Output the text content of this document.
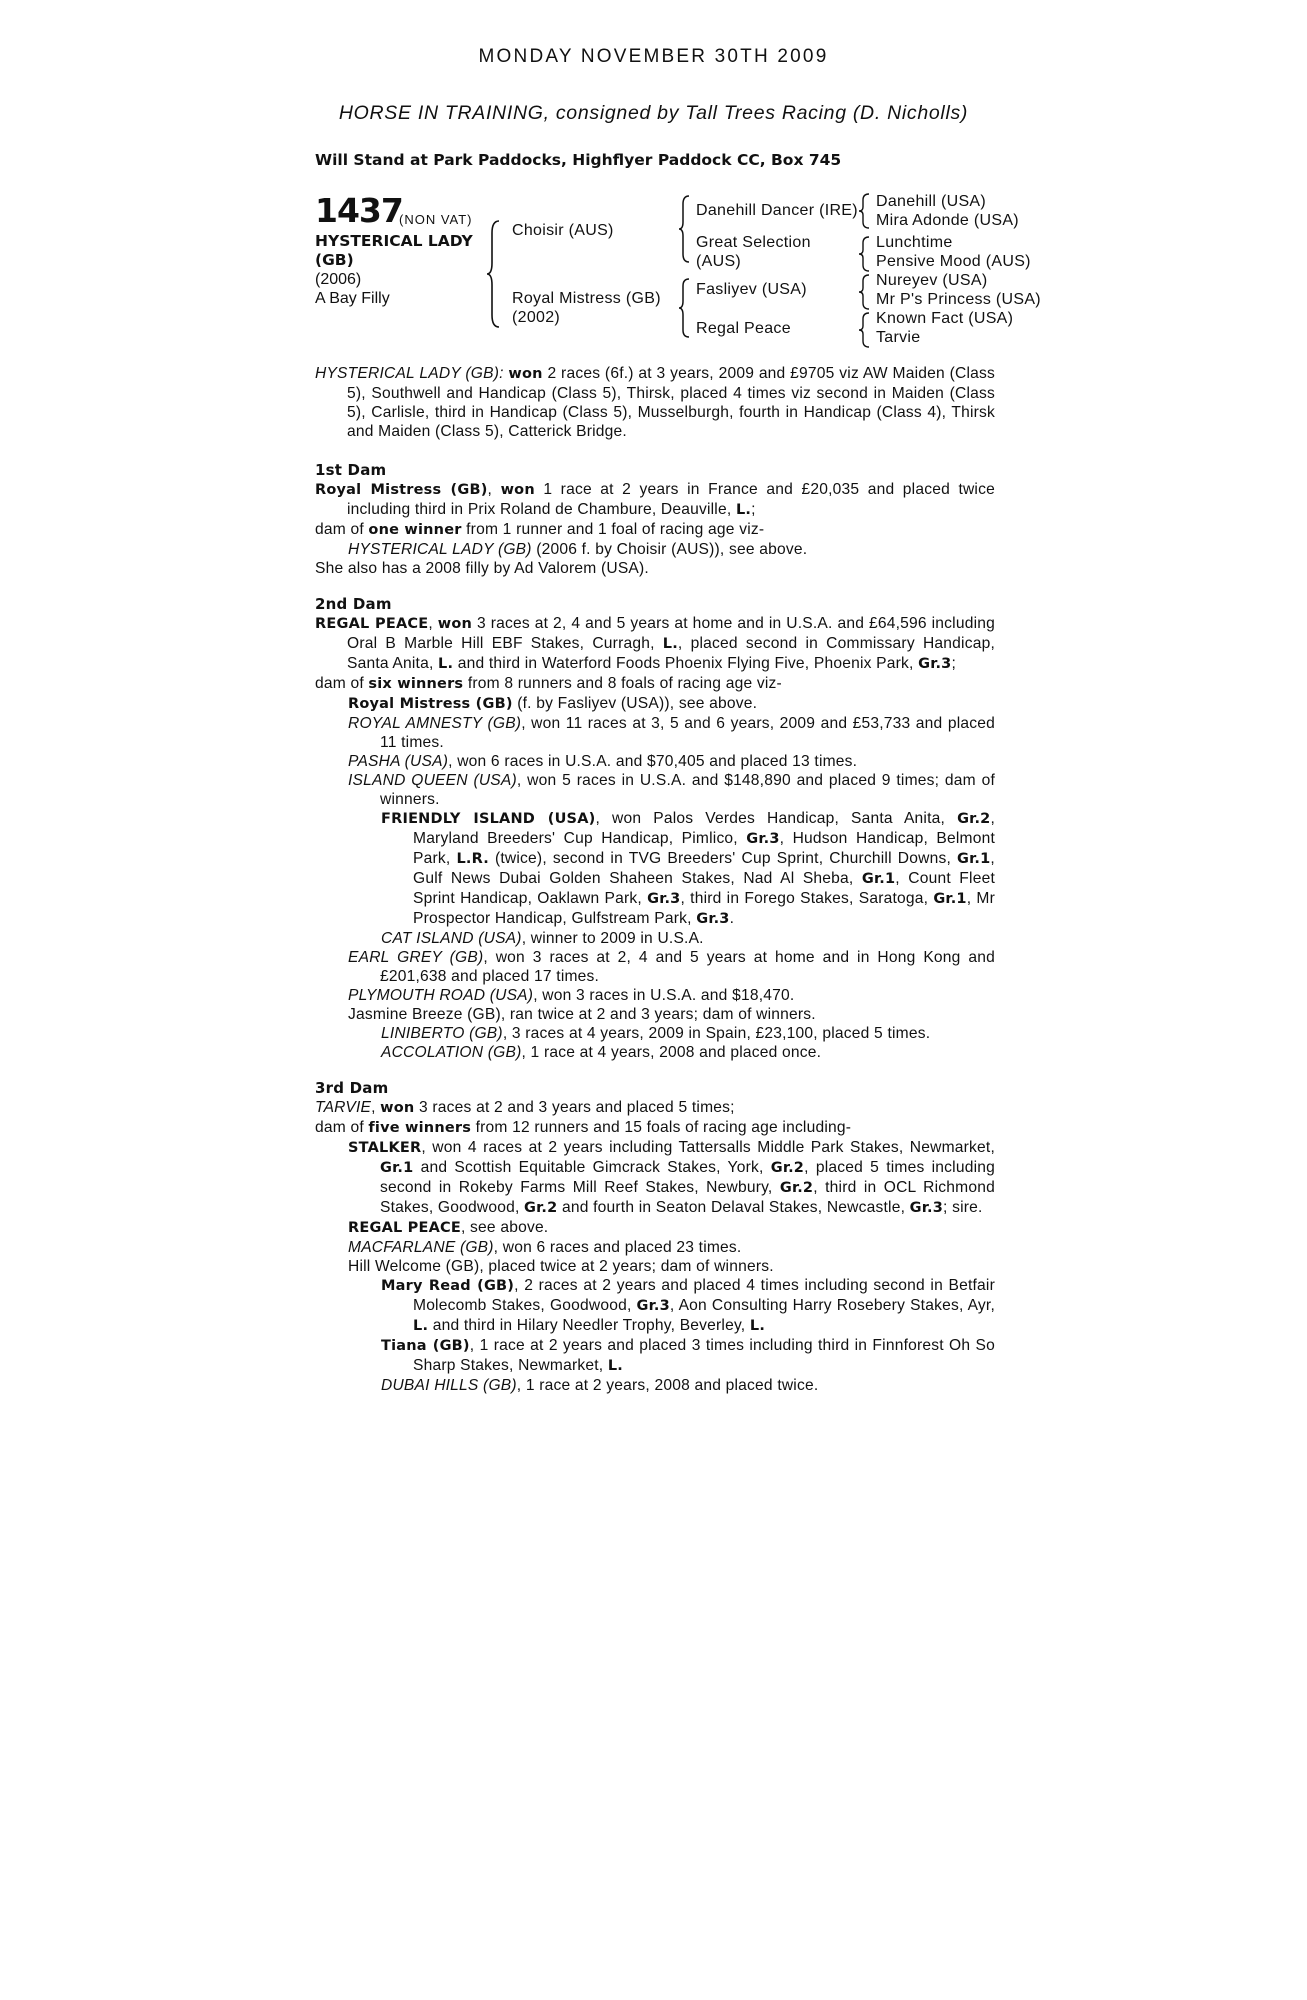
MONDAY NOVEMBER 30TH 2009
HORSE IN TRAINING, consigned by Tall Trees Racing (D. Nicholls)
Will Stand at Park Paddocks, Highflyer Paddock CC, Box 745
1437
(NON VAT)
HYSTERICAL LADY (GB)
(2006)
A Bay Filly
Choisir (AUS)
Royal Mistress (GB)
(2002)
Danehill Dancer (IRE)
Great Selection
(AUS)
Fasliyev (USA)
Regal Peace
Danehill (USA)
Mira Adonde (USA)
Lunchtime
Pensive Mood (AUS)
Nureyev (USA)
Mr P's Princess (USA)
Known Fact (USA)
Tarvie

HYSTERICAL LADY (GB): won 2 races (6f.) at 3 years, 2009 and £9705 viz AW Maiden (Class 5), Southwell and Handicap (Class 5), Thirsk, placed 4 times viz second in Maiden (Class 5), Carlisle, third in Handicap (Class 5), Musselburgh, fourth in Handicap (Class 4), Thirsk and Maiden (Class 5), Catterick Bridge.

1st Dam

Royal Mistress (GB), won 1 race at 2 years in France and £20,035 and placed twice including third in Prix Roland de Chambure, Deauville, L.;

dam of one winner from 1 runner and 1 foal of racing age viz-

HYSTERICAL LADY (GB) (2006 f. by Choisir (AUS)), see above.

She also has a 2008 filly by Ad Valorem (USA).

2nd Dam

REGAL PEACE, won 3 races at 2, 4 and 5 years at home and in U.S.A. and £64,596 including Oral B Marble Hill EBF Stakes, Curragh, L., placed second in Commissary Handicap, Santa Anita, L. and third in Waterford Foods Phoenix Flying Five, Phoenix Park, Gr.3;

dam of six winners from 8 runners and 8 foals of racing age viz-

Royal Mistress (GB) (f. by Fasliyev (USA)), see above.

ROYAL AMNESTY (GB), won 11 races at 3, 5 and 6 years, 2009 and £53,733 and placed 11 times.

PASHA (USA), won 6 races in U.S.A. and $70,405 and placed 13 times.

ISLAND QUEEN (USA), won 5 races in U.S.A. and $148,890 and placed 9 times; dam of winners.

FRIENDLY ISLAND (USA), won Palos Verdes Handicap, Santa Anita, Gr.2, Maryland Breeders' Cup Handicap, Pimlico, Gr.3, Hudson Handicap, Belmont Park, L.R. (twice), second in TVG Breeders' Cup Sprint, Churchill Downs, Gr.1, Gulf News Dubai Golden Shaheen Stakes, Nad Al Sheba, Gr.1, Count Fleet Sprint Handicap, Oaklawn Park, Gr.3, third in Forego Stakes, Saratoga, Gr.1, Mr Prospector Handicap, Gulfstream Park, Gr.3.

CAT ISLAND (USA), winner to 2009 in U.S.A.

EARL GREY (GB), won 3 races at 2, 4 and 5 years at home and in Hong Kong and £201,638 and placed 17 times.

PLYMOUTH ROAD (USA), won 3 races in U.S.A. and $18,470.

Jasmine Breeze (GB), ran twice at 2 and 3 years; dam of winners.

LINIBERTO (GB), 3 races at 4 years, 2009 in Spain, £23,100, placed 5 times.

ACCOLATION (GB), 1 race at 4 years, 2008 and placed once.

3rd Dam

TARVIE, won 3 races at 2 and 3 years and placed 5 times;

dam of five winners from 12 runners and 15 foals of racing age including-

STALKER, won 4 races at 2 years including Tattersalls Middle Park Stakes, Newmarket, Gr.1 and Scottish Equitable Gimcrack Stakes, York, Gr.2, placed 5 times including second in Rokeby Farms Mill Reef Stakes, Newbury, Gr.2, third in OCL Richmond Stakes, Goodwood, Gr.2 and fourth in Seaton Delaval Stakes, Newcastle, Gr.3; sire.

REGAL PEACE, see above.

MACFARLANE (GB), won 6 races and placed 23 times.

Hill Welcome (GB), placed twice at 2 years; dam of winners.

Mary Read (GB), 2 races at 2 years and placed 4 times including second in Betfair Molecomb Stakes, Goodwood, Gr.3, Aon Consulting Harry Rosebery Stakes, Ayr, L. and third in Hilary Needler Trophy, Beverley, L.

Tiana (GB), 1 race at 2 years and placed 3 times including third in Finnforest Oh So Sharp Stakes, Newmarket, L.

DUBAI HILLS (GB), 1 race at 2 years, 2008 and placed twice.
